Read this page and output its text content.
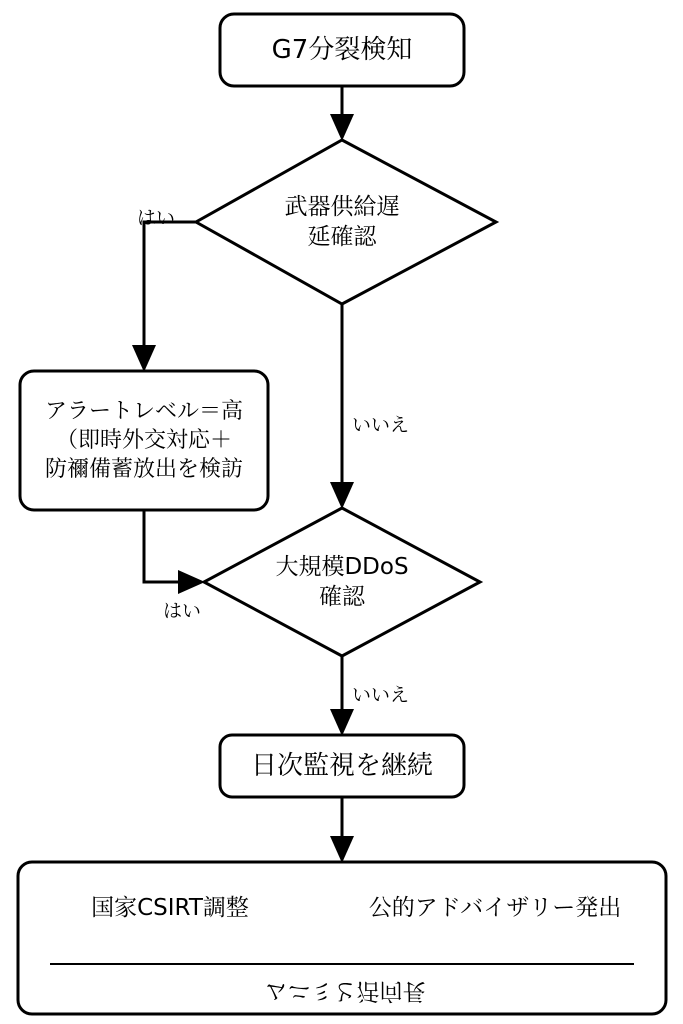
G7分裂検知
武器供給遅
延確認
アラートレベル＝高
（即時外交対応＋
防禰備蓄放出を検訪
大規模DDoS
確認
日次監視を継続
国家CSIRT調整	公的アドバイザリー発出
ムニミと活向長
はい
いいえ
はい
いいえ
